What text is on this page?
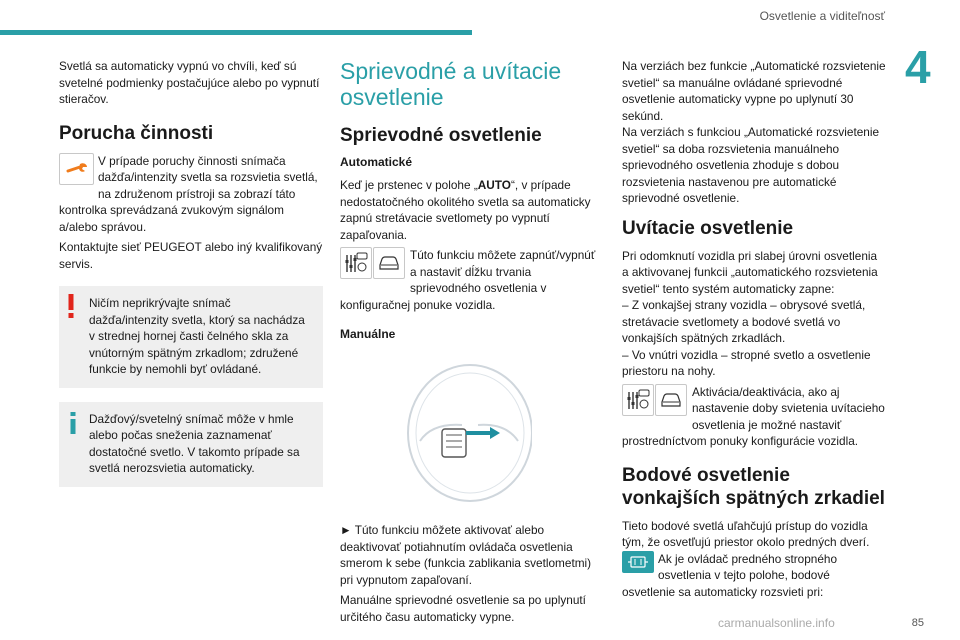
Osvetlenie a viditeľnosť
4

Svetlá sa automaticky vypnú vo chvíli, keď sú svetelné podmienky postačujúce alebo po vypnutí stieračov.

Porucha činnosti

V prípade poruchy činnosti snímača dažďa/intenzity svetla sa rozsvietia svetlá, na združenom prístroji sa zobrazí táto kontrolka sprevádzaná zvukovým signálom a/alebo správou.

Kontaktujte sieť PEUGEOT alebo iný kvalifikovaný servis.

Ničím neprikrývajte snímač dažďa/intenzity svetla, ktorý sa nachádza v strednej hornej časti čelného skla za vnútorným spätným zrkadlom; združené funkcie by nemohli byť ovládané.

Dažďový/svetelný snímač môže v hmle alebo počas sneženia zaznamenať dostatočné svetlo. V takomto prípade sa svetlá nerozsvietia automaticky.

Sprievodné a uvítacie osvetlenie
Sprievodné osvetlenie
Automatické

Keď je prstenec v polohe „AUTO“, v prípade nedostatočného okolitého svetla sa automaticky zapnú stretávacie svetlomety po vypnutí zapaľovania.

Túto funkciu môžete zapnúť/vypnúť a nastaviť dĺžku trvania sprievodného osvetlenia v konfiguračnej ponuke vozidla.

Manuálne

► Túto funkciu môžete aktivovať alebo deaktivovať potiahnutím ovládača osvetlenia smerom k sebe (funkcia zablikania svetlometmi) pri vypnutom zapaľovaní.

Manuálne sprievodné osvetlenie sa po uplynutí určitého času automaticky vypne.

Na verziách bez funkcie „Automatické rozsvietenie svetiel“ sa manuálne ovládané sprievodné osvetlenie automaticky vypne po uplynutí 30 sekúnd.

Na verziách s funkciou „Automatické rozsvietenie svetiel“ sa doba rozsvietenia manuálneho sprievodného osvetlenia zhoduje s dobou rozsvietenia nastavenou pre automatické sprievodné osvetlenie.

Uvítacie osvetlenie

Pri odomknutí vozidla pri slabej úrovni osvetlenia a aktivovanej funkcii „automatického rozsvietenia svetiel“ tento systém automaticky zapne:

– Z vonkajšej strany vozidla – obrysové svetlá, stretávacie svetlomety a bodové svetlá vo vonkajších spätných zrkadlách.

– Vo vnútri vozidla – stropné svetlo a osvetlenie priestoru na nohy.

Aktivácia/deaktivácia, ako aj nastavenie doby svietenia uvítacieho osvetlenia je možné nastaviť prostredníctvom ponuky konfigurácie vozidla.

Bodové osvetlenie vonkajších spätných zrkadiel

Tieto bodové svetlá uľahčujú prístup do vozidla tým, že osvetľujú priestor okolo predných dverí.

Ak je ovládač predného stropného osvetlenia v tejto polohe, bodové osvetlenie sa automaticky rozsvieti pri:

carmanualsonline.info	85
